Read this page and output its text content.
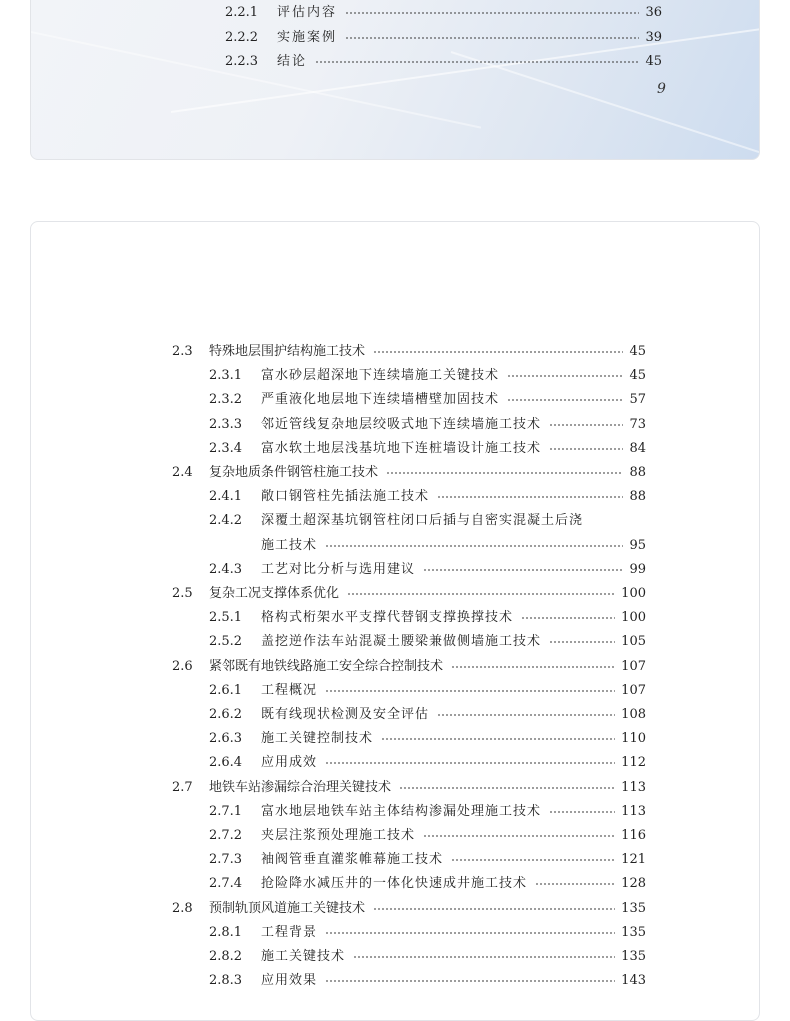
2.2.1 评估内容	36
2.2.2 实施案例	39
2.2.3 结论	45
9
2.3 特殊地层围护结构施工技术	45
2.3.1 富水砂层超深地下连续墙施工关键技术	45
2.3.2 严重液化地层地下连续墙槽壁加固技术	57
2.3.3 邻近管线复杂地层绞吸式地下连续墙施工技术	73
2.3.4 富水软土地层浅基坑地下连桩墙设计施工技术	84
2.4 复杂地质条件钢管柱施工技术	88
2.4.1 敞口钢管柱先插法施工技术	88
2.4.2 深覆土超深基坑钢管柱闭口后插与自密实混凝土后浇
施工技术	95
2.4.3 工艺对比分析与选用建议	99
2.5 复杂工况支撑体系优化	100
2.5.1 格构式桁架水平支撑代替钢支撑换撑技术	100
2.5.2 盖挖逆作法车站混凝土腰梁兼做侧墙施工技术	105
2.6 紧邻既有地铁线路施工安全综合控制技术	107
2.6.1 工程概况	107
2.6.2 既有线现状检测及安全评估	108
2.6.3 施工关键控制技术	110
2.6.4 应用成效	112
2.7 地铁车站渗漏综合治理关键技术	113
2.7.1 富水地层地铁车站主体结构渗漏处理施工技术	113
2.7.2 夹层注浆预处理施工技术	116
2.7.3 袖阀管垂直灌浆帷幕施工技术	121
2.7.4 抢险降水减压井的一体化快速成井施工技术	128
2.8 预制轨顶风道施工关键技术	135
2.8.1 工程背景	135
2.8.2 施工关键技术	135
2.8.3 应用效果	143
